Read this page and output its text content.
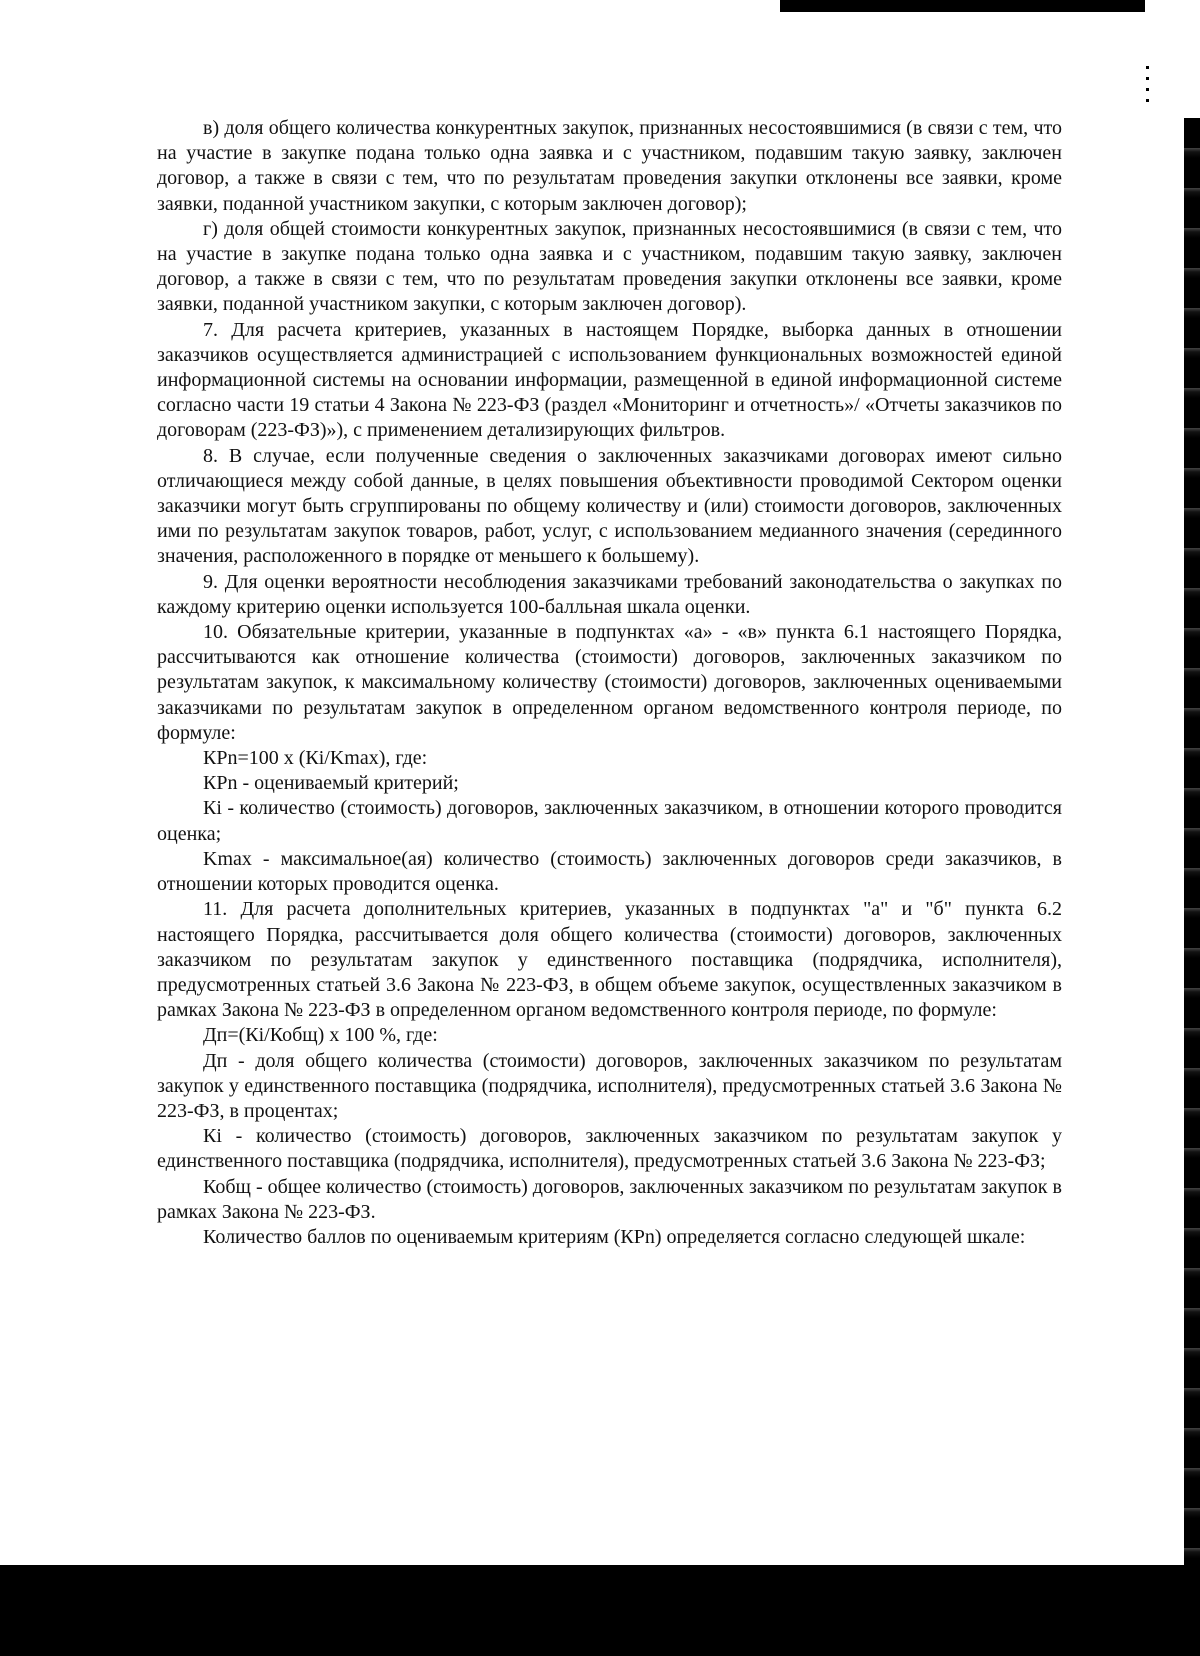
в) доля общего количества конкурентных закупок, признанных несостоявшимися (в связи с тем, что на участие в закупке подана только одна заявка и с участником, подавшим такую заявку, заключен договор, а также в связи с тем, что по результатам проведения закупки отклонены все заявки, кроме заявки, поданной участником закупки, с которым заключен договор);

г) доля общей стоимости конкурентных закупок, признанных несостоявшимися (в связи с тем, что на участие в закупке подана только одна заявка и с участником, подавшим такую заявку, заключен договор, а также в связи с тем, что по результатам проведения закупки отклонены все заявки, кроме заявки, поданной участником закупки, с которым заключен договор).

7. Для расчета критериев, указанных в настоящем Порядке, выборка данных в отношении заказчиков осуществляется администрацией с использованием функциональных возможностей единой информационной системы на основании информации, размещенной в единой информационной системе согласно части 19 статьи 4 Закона № 223-ФЗ (раздел «Мониторинг и отчетность»/ «Отчеты заказчиков по договорам (223-ФЗ)»), с применением детализирующих фильтров.

8. В случае, если полученные сведения о заключенных заказчиками договорах имеют сильно отличающиеся между собой данные, в целях повышения объективности проводимой Сектором оценки заказчики могут быть сгруппированы по общему количеству и (или) стоимости договоров, заключенных ими по результатам закупок товаров, работ, услуг, с использованием медианного значения (серединного значения, расположенного в порядке от меньшего к большему).

9. Для оценки вероятности несоблюдения заказчиками требований законодательства о закупках по каждому критерию оценки используется 100-балльная шкала оценки.

10. Обязательные критерии, указанные в подпунктах «а» - «в» пункта 6.1 настоящего Порядка, рассчитываются как отношение количества (стоимости) договоров, заключенных заказчиком по результатам закупок, к максимальному количеству (стоимости) договоров, заключенных оцениваемыми заказчиками по результатам закупок в определенном органом ведомственного контроля периоде, по формуле:

КРn=100 х (Кi/Kmax), где:

КРn - оцениваемый критерий;

Кi - количество (стоимость) договоров, заключенных заказчиком, в отношении которого проводится оценка;

Kmax - максимальное(ая) количество (стоимость) заключенных договоров среди заказчиков, в отношении которых проводится оценка.

11. Для расчета дополнительных критериев, указанных в подпунктах "а" и "б" пункта 6.2 настоящего Порядка, рассчитывается доля общего количества (стоимости) договоров, заключенных заказчиком по результатам закупок у единственного поставщика (подрядчика, исполнителя), предусмотренных статьей 3.6 Закона № 223-ФЗ, в общем объеме закупок, осуществленных заказчиком в рамках Закона № 223-ФЗ в определенном органом ведомственного контроля периоде, по формуле:

Дп=(Кi/Кобщ) х 100 %, где:

Дп - доля общего количества (стоимости) договоров, заключенных заказчиком по результатам закупок у единственного поставщика (подрядчика, исполнителя), предусмотренных статьей 3.6 Закона № 223-ФЗ, в процентах;

Кi - количество (стоимость) договоров, заключенных заказчиком по результатам закупок у единственного поставщика (подрядчика, исполнителя), предусмотренных статьей 3.6 Закона № 223-ФЗ;

Кобщ - общее количество (стоимость) договоров, заключенных заказчиком по результатам закупок в рамках Закона № 223-ФЗ.

Количество баллов по оцениваемым критериям (КРn) определяется согласно следующей шкале:
